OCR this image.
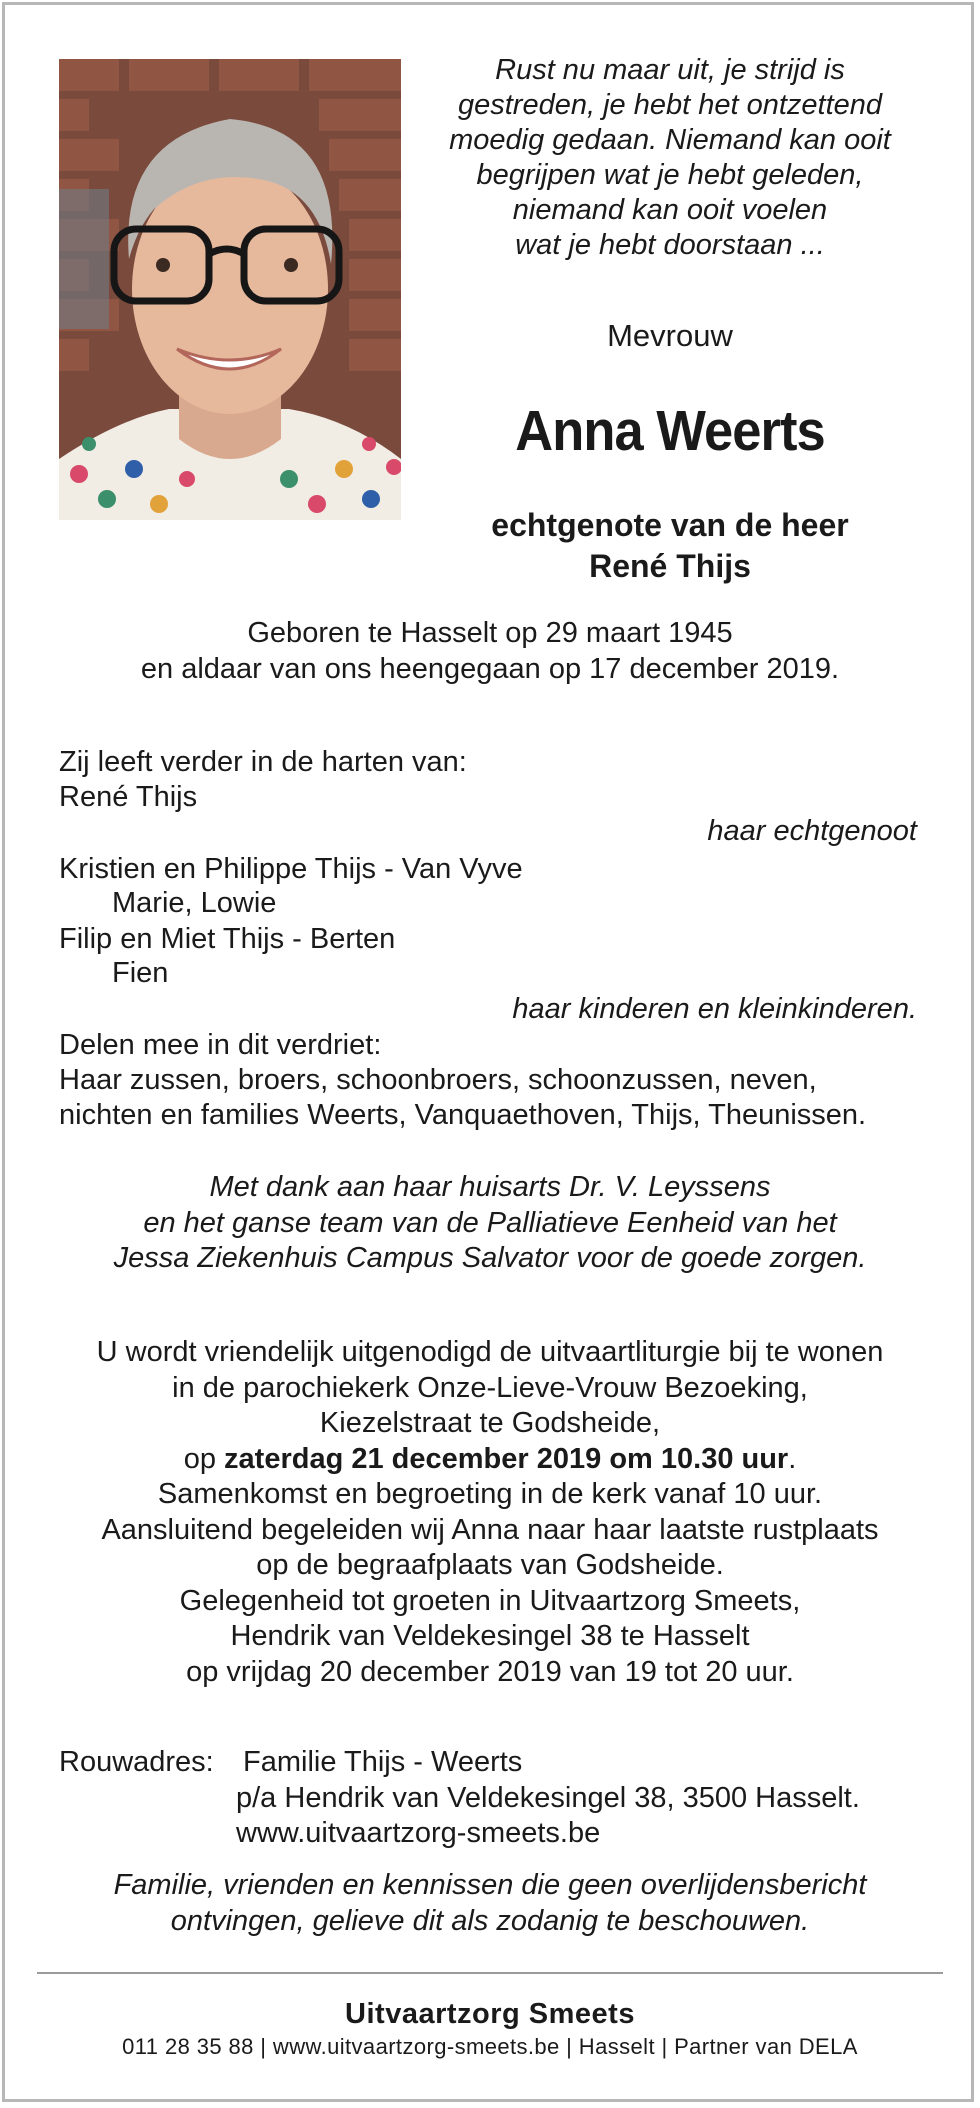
Rust nu maar uit, je strijd is
gestreden, je hebt het ontzettend
moedig gedaan. Niemand kan ooit
begrijpen wat je hebt geleden,
niemand kan ooit voelen
wat je hebt doorstaan ...
Mevrouw
Anna Weerts
echtgenote van de heer
René Thijs
Geboren te Hasselt op 29 maart 1945
en aldaar van ons heengegaan op 17 december 2019.
Zij leeft verder in de harten van:
René Thijs
haar echtgenoot
Kristien en Philippe Thijs - Van Vyve
Marie, Lowie
Filip en Miet Thijs - Berten
Fien
haar kinderen en kleinkinderen.
Delen mee in dit verdriet:
Haar zussen, broers, schoonbroers, schoonzussen, neven,
nichten en families Weerts, Vanquaethoven, Thijs, Theunissen.
Met dank aan haar huisarts Dr. V. Leyssens
en het ganse team van de Palliatieve Eenheid van het
Jessa Ziekenhuis Campus Salvator voor de goede zorgen.
U wordt vriendelijk uitgenodigd de uitvaartliturgie bij te wonen
in de parochiekerk Onze-Lieve-Vrouw Bezoeking,
Kiezelstraat te Godsheide,
op zaterdag 21 december 2019 om 10.30 uur.
Samenkomst en begroeting in de kerk vanaf 10 uur.
Aansluitend begeleiden wij Anna naar haar laatste rustplaats
op de begraafplaats van Godsheide.
Gelegenheid tot groeten in Uitvaartzorg Smeets,
Hendrik van Veldekesingel 38 te Hasselt
op vrijdag 20 december 2019 van 19 tot 20 uur.
Rouwadres: Familie Thijs - Weerts
p/a Hendrik van Veldekesingel 38, 3500 Hasselt.
www.uitvaartzorg-smeets.be
Familie, vrienden en kennissen die geen overlijdensbericht
ontvingen, gelieve dit als zodanig te beschouwen.
Uitvaartzorg Smeets
011 28 35 88 | www.uitvaartzorg-smeets.be | Hasselt | Partner van DELA
